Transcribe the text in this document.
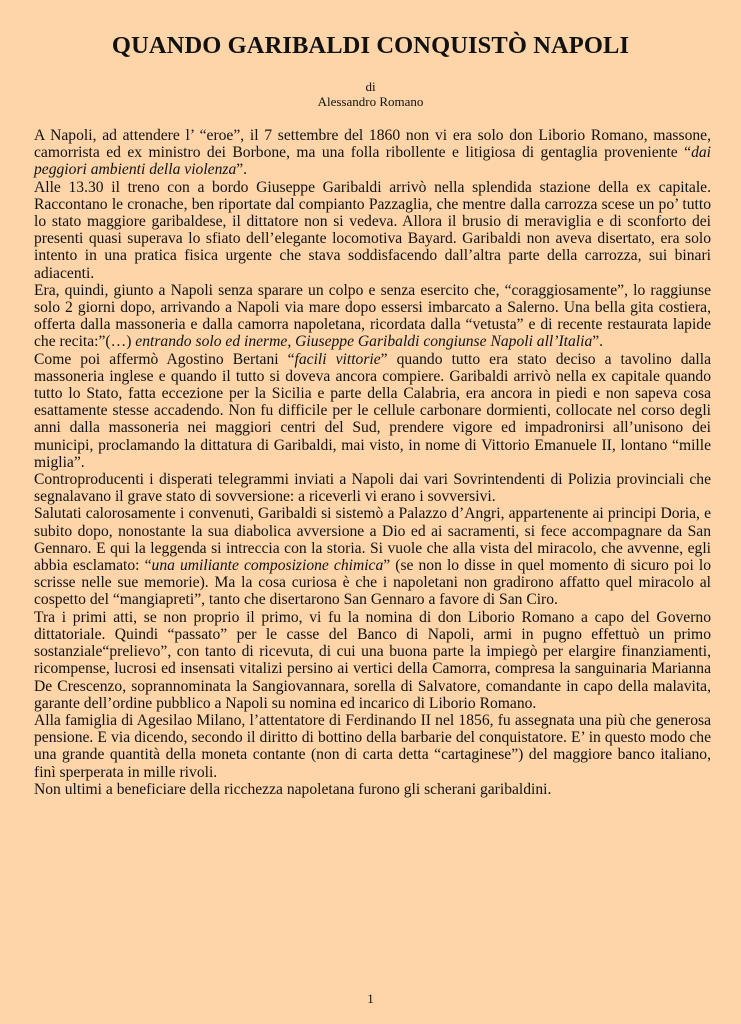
QUANDO GARIBALDI CONQUISTÒ NAPOLI
di
Alessandro Romano

A Napoli, ad attendere l’ “eroe”, il 7 settembre del 1860 non vi era solo don Liborio Romano, massone, camorrista ed ex ministro dei Borbone, ma una folla ribollente e litigiosa di gentaglia proveniente “dai peggiori ambienti della violenza”.

Alle 13.30 il treno con a bordo Giuseppe Garibaldi arrivò nella splendida stazione della ex capitale. Raccontano le cronache, ben riportate dal compianto Pazzaglia, che mentre dalla carrozza scese un po’ tutto lo stato maggiore garibaldese, il dittatore non si vedeva. Allora il brusio di meraviglia e di sconforto dei presenti quasi superava lo sfiato dell’elegante locomotiva Bayard. Garibaldi non aveva disertato, era solo intento in una pratica fisica urgente che stava soddisfacendo dall’altra parte della carrozza, sui binari adiacenti.

Era, quindi, giunto a Napoli senza sparare un colpo e senza esercito che, “coraggiosamente”, lo raggiunse solo 2 giorni dopo, arrivando a Napoli via mare dopo essersi imbarcato a Salerno. Una bella gita costiera, offerta dalla massoneria e dalla camorra napoletana, ricordata dalla “vetusta” e di recente restaurata lapide che recita:”(…) entrando solo ed inerme, Giuseppe Garibaldi congiunse Napoli all’Italia”.

Come poi affermò Agostino Bertani “facili vittorie” quando tutto era stato deciso a tavolino dalla massoneria inglese e quando il tutto si doveva ancora compiere. Garibaldi arrivò nella ex capitale quando tutto lo Stato, fatta eccezione per la Sicilia e parte della Calabria, era ancora in piedi e non sapeva cosa esattamente stesse accadendo. Non fu difficile per le cellule carbonare dormienti, collocate nel corso degli anni dalla massoneria nei maggiori centri del Sud, prendere vigore ed impadronirsi all’unisono dei municipi, proclamando la dittatura di Garibaldi, mai visto, in nome di Vittorio Emanuele II, lontano “mille miglia”.

Controproducenti i disperati telegrammi inviati a Napoli dai vari Sovrintendenti di Polizia provinciali che segnalavano il grave stato di sovversione: a riceverli vi erano i sovversivi.

Salutati calorosamente i convenuti, Garibaldi si sistemò a Palazzo d’Angri, appartenente ai principi Doria, e subito dopo, nonostante la sua diabolica avversione a Dio ed ai sacramenti, si fece accompagnare da San Gennaro. E qui la leggenda si intreccia con la storia. Si vuole che alla vista del miracolo, che avvenne, egli abbia esclamato: “una umiliante composizione chimica” (se non lo disse in quel momento di sicuro poi lo scrisse nelle sue memorie). Ma la cosa curiosa è che i napoletani non gradirono affatto quel miracolo al cospetto del “mangiapreti”, tanto che disertarono San Gennaro a favore di San Ciro.

Tra i primi atti, se non proprio il primo, vi fu la nomina di don Liborio Romano a capo del Governo dittatoriale. Quindi “passato” per le casse del Banco di Napoli, armi in pugno effettuò un primo sostanziale“prelievo”, con tanto di ricevuta, di cui una buona parte la impiegò per elargire finanziamenti, ricompense, lucrosi ed insensati vitalizi persino ai vertici della Camorra, compresa la sanguinaria Marianna De Crescenzo, soprannominata la Sangiovannara, sorella di Salvatore, comandante in capo della malavita, garante dell’ordine pubblico a Napoli su nomina ed incarico di Liborio Romano.

Alla famiglia di Agesilao Milano, l’attentatore di Ferdinando II nel 1856, fu assegnata una più che generosa pensione. E via dicendo, secondo il diritto di bottino della barbarie del conquistatore. E’ in questo modo che una grande quantità della moneta contante (non di carta detta “cartaginese”) del maggiore banco italiano, finì sperperata in mille rivoli.

Non ultimi a beneficiare della ricchezza napoletana furono gli scherani garibaldini.

1
